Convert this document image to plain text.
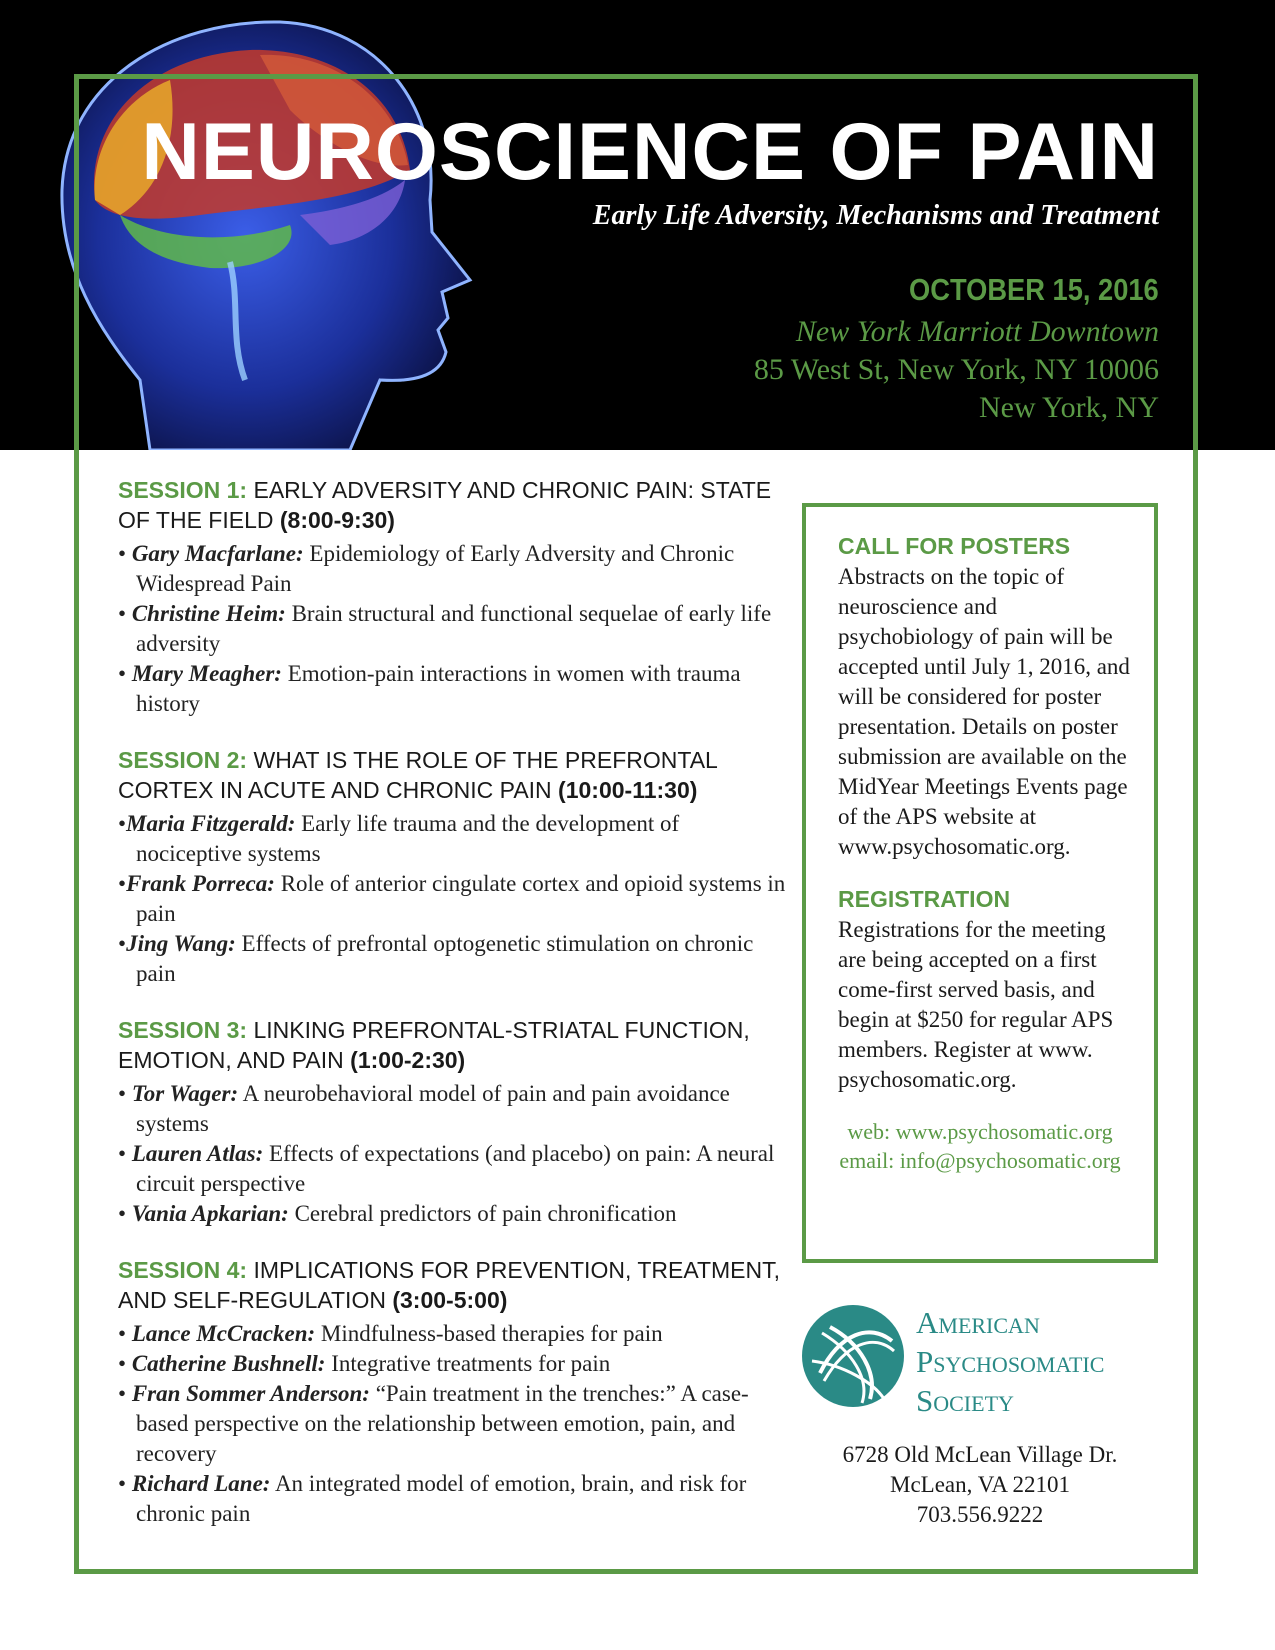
NEUROSCIENCE OF PAIN
Early Life Adversity, Mechanisms and Treatment
OCTOBER 15, 2016
New York Marriott Downtown
85 West St, New York, NY 10006
New York, NY
SESSION 1: EARLY ADVERSITY AND CHRONIC PAIN: STATE OF THE FIELD (8:00-9:30)
• Gary Macfarlane: Epidemiology of Early Adversity and Chronic Widespread Pain
• Christine Heim: Brain structural and functional sequelae of early life adversity
• Mary Meagher: Emotion-pain interactions in women with trauma history
SESSION 2: WHAT IS THE ROLE OF THE PREFRONTAL CORTEX IN ACUTE AND CHRONIC PAIN (10:00-11:30)
•Maria Fitzgerald: Early life trauma and the development of nociceptive systems
•Frank Porreca: Role of anterior cingulate cortex and opioid systems in pain
•Jing Wang: Effects of prefrontal optogenetic stimulation on chronic pain
SESSION 3: LINKING PREFRONTAL-STRIATAL FUNCTION, EMOTION, AND PAIN (1:00-2:30)
• Tor Wager: A neurobehavioral model of pain and pain avoidance systems
• Lauren Atlas: Effects of expectations (and placebo) on pain: A neural circuit perspective
• Vania Apkarian: Cerebral predictors of pain chronification
SESSION 4: IMPLICATIONS FOR PREVENTION, TREATMENT, AND SELF-REGULATION (3:00-5:00)
• Lance McCracken: Mindfulness-based therapies for pain
• Catherine Bushnell: Integrative treatments for pain
• Fran Sommer Anderson: “Pain treatment in the trenches:” A case-based perspective on the relationship between emotion, pain, and recovery
• Richard Lane: An integrated model of emotion, brain, and risk for chronic pain
CALL FOR POSTERS
Abstracts on the topic of neuroscience and psychobiology of pain will be accepted until July 1, 2016, and will be considered for poster presentation. Details on poster submission are available on the MidYear Meetings Events page of the APS website at www.psychosomatic.org.
REGISTRATION
Registrations for the meeting are being accepted on a first come-first served basis, and begin at $250 for regular APS members. Register at www. psychosomatic.org.
web: www.psychosomatic.org
email: info@psychosomatic.org
American
Psychosomatic
Society
6728 Old McLean Village Dr.
McLean, VA 22101
703.556.9222
